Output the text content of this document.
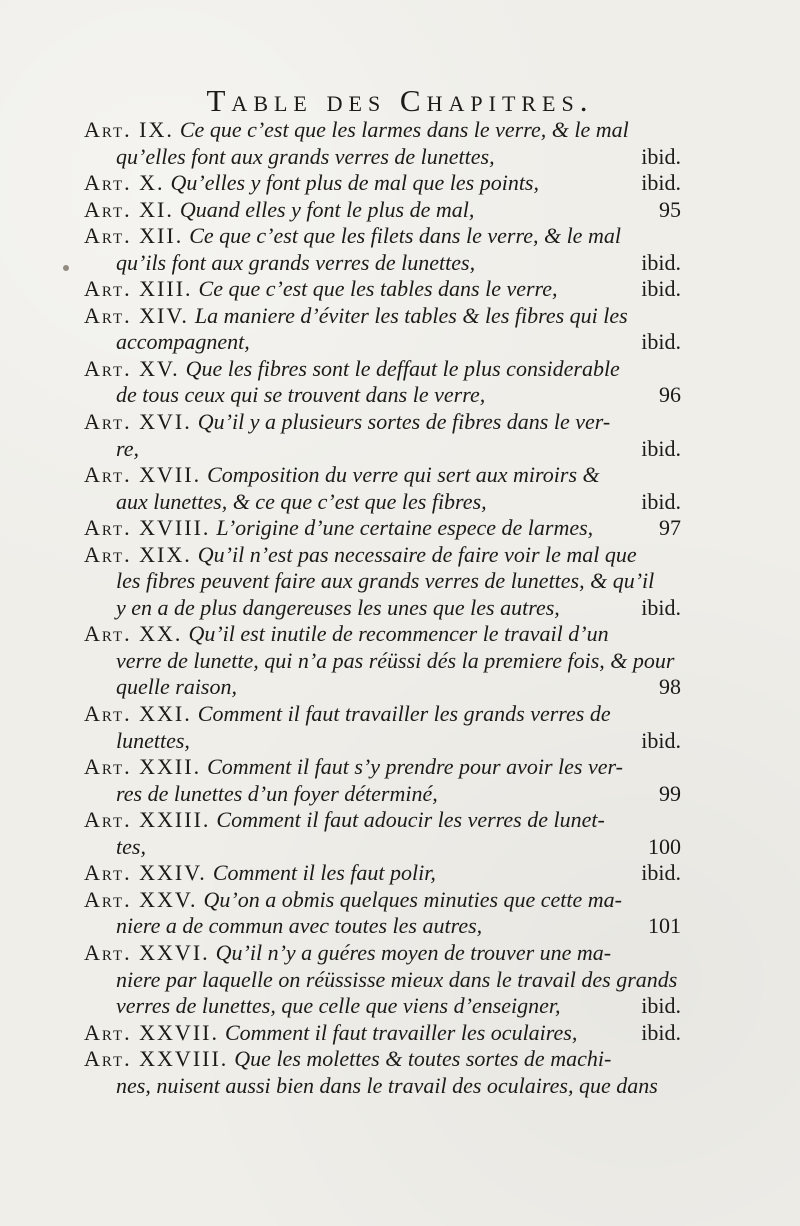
Table des Chapitres.
Art. IX. Ce que c’est que les larmes dans le verre, & le mal
qu’elles font aux grands verres de lunettes,	ibid.
Art. X. Qu’elles y font plus de mal que les points,	ibid.
Art. XI. Quand elles y font le plus de mal,	95
Art. XII. Ce que c’est que les filets dans le verre, & le mal
qu’ils font aux grands verres de lunettes,	ibid.
Art. XIII. Ce que c’est que les tables dans le verre,	ibid.
Art. XIV. La maniere d’éviter les tables & les fibres qui les
accompagnent,	ibid.
Art. XV. Que les fibres sont le deffaut le plus considerable
de tous ceux qui se trouvent dans le verre,	96
Art. XVI. Qu’il y a plusieurs sortes de fibres dans le ver-
re,	ibid.
Art. XVII. Composition du verre qui sert aux miroirs &
aux lunettes, & ce que c’est que les fibres,	ibid.
Art. XVIII. L’origine d’une certaine espece de larmes,	97
Art. XIX. Qu’il n’est pas necessaire de faire voir le mal que
les fibres peuvent faire aux grands verres de lunettes, & qu’il
y en a de plus dangereuses les unes que les autres,	ibid.
Art. XX. Qu’il est inutile de recommencer le travail d’un
verre de lunette, qui n’a pas réüssi dés la premiere fois, & pour
quelle raison,	98
Art. XXI. Comment il faut travailler les grands verres de
lunettes,	ibid.
Art. XXII. Comment il faut s’y prendre pour avoir les ver-
res de lunettes d’un foyer déterminé,	99
Art. XXIII. Comment il faut adoucir les verres de lunet-
tes,	100
Art. XXIV. Comment il les faut polir,	ibid.
Art. XXV. Qu’on a obmis quelques minuties que cette ma-
niere a de commun avec toutes les autres,	101
Art. XXVI. Qu’il n’y a guéres moyen de trouver une ma-
niere par laquelle on réüssisse mieux dans le travail des grands
verres de lunettes, que celle que viens d’enseigner,	ibid.
Art. XXVII. Comment il faut travailler les oculaires,	ibid.
Art. XXVIII. Que les molettes & toutes sortes de machi-
nes, nuisent aussi bien dans le travail des oculaires, que dans
